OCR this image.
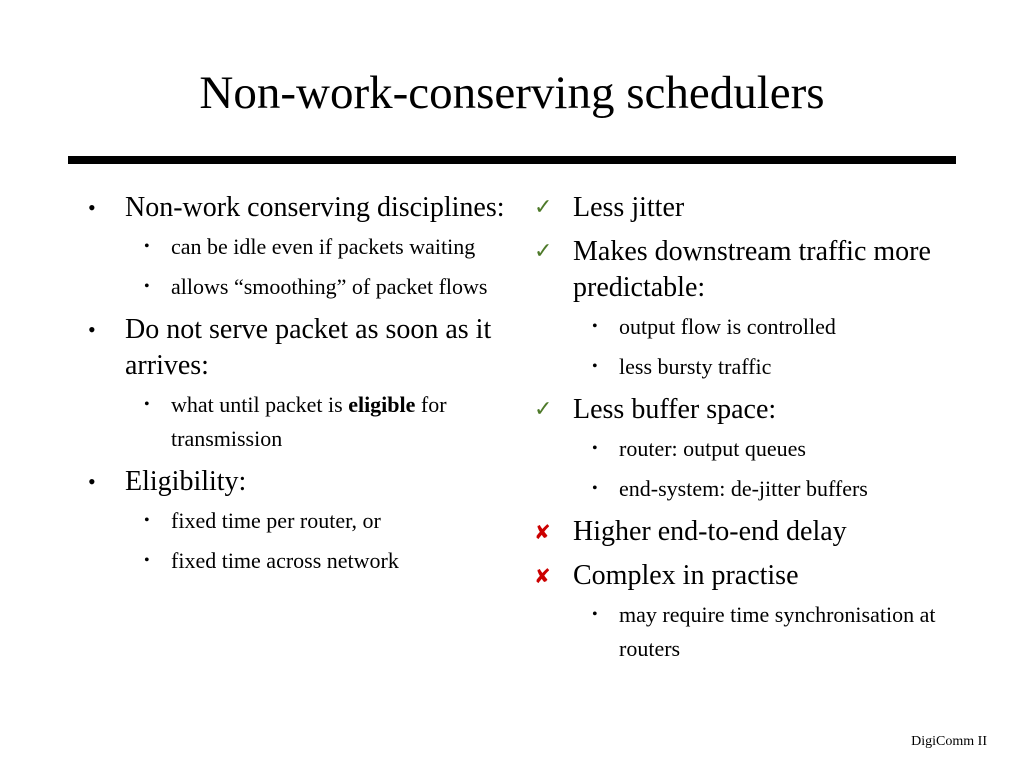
Non-work-conserving schedulers
•	Non-work conserving disciplines:
• can be idle even if packets waiting
• allows “smoothing” of packet flows
•	Do not serve packet as soon as it arrives:
• what until packet is eligible for transmission
•	Eligibility:
• fixed time per router, or
• fixed time across network
✓ Less jitter
✓ Makes downstream traffic more predictable:
• output flow is controlled
• less bursty traffic
✓ Less buffer space:
• router: output queues
• end-system: de-jitter buffers
✘ Higher end-to-end delay
✘ Complex in practise
• may require time synchronisation at routers
DigiComm II
